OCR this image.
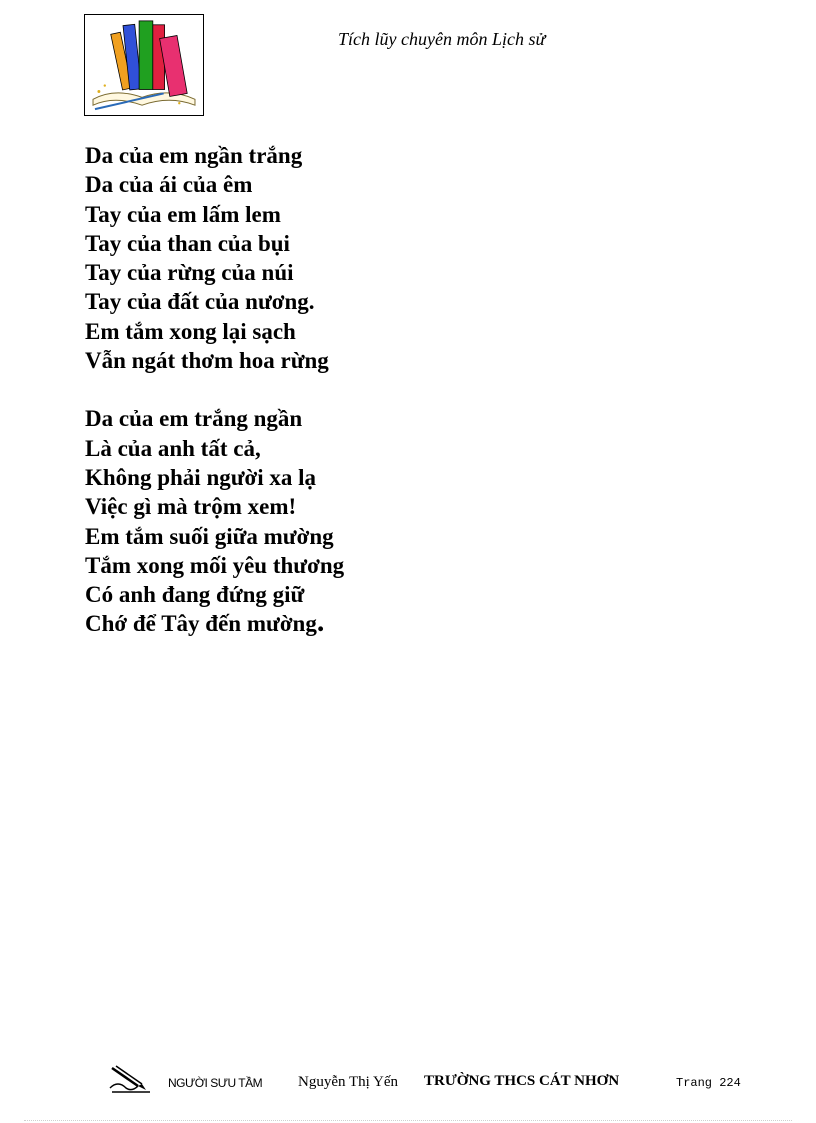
Tích lũy chuyên môn Lịch sử
Da của em ngần trắng
Da của ái của êm
Tay của em lấm lem
Tay của than của bụi
Tay của rừng của núi
Tay của đất của nương.
Em tắm xong lại sạch
Vẫn ngát thơm hoa rừng
Da của em trắng ngần
Là của anh tất cả,
Không phải người xa lạ
Việc gì mà trộm xem!
Em tắm suối giữa mường
Tắm xong mối yêu thương
Có anh đang đứng giữ
Chớ để Tây đến mường.
NGƯỜI SƯU TẦM Nguyễn Thị Yến TRƯỜNG THCS CÁT NHƠN	Trang 224
